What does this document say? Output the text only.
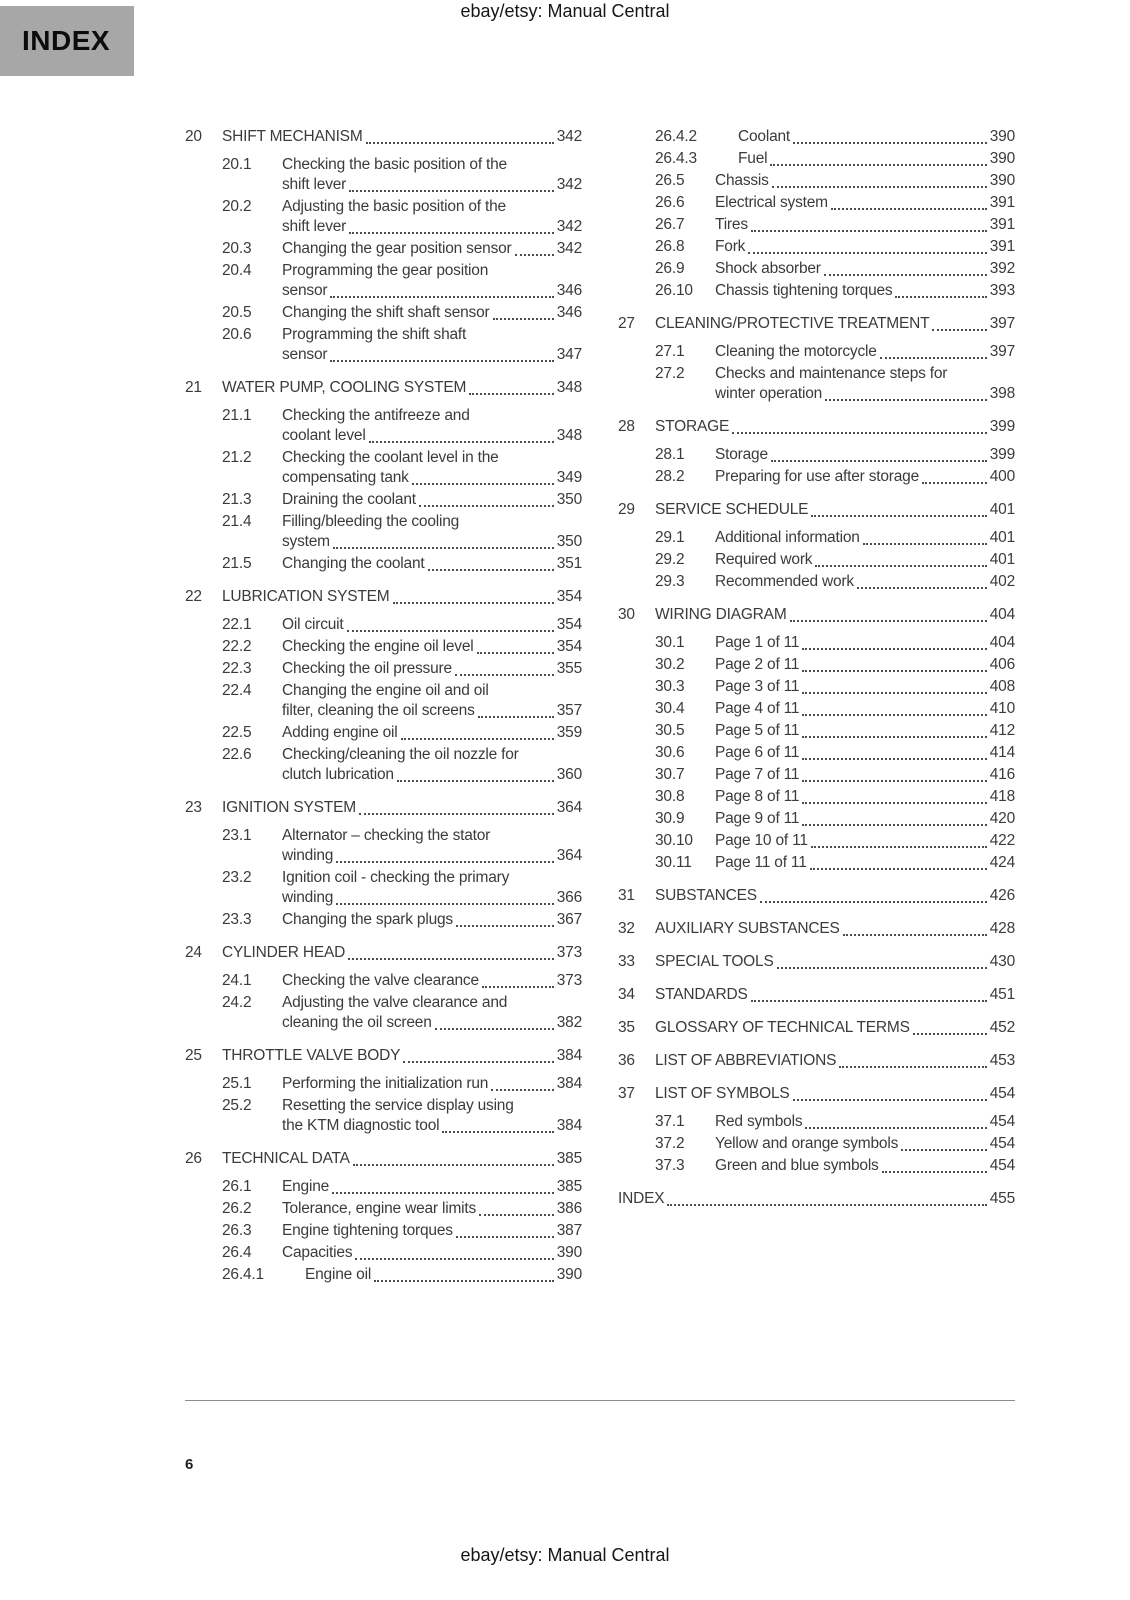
ebay/etsy: Manual Central
INDEX
20	SHIFT MECHANISM	342
20.1	Checking the basic position of the
shift lever	342
20.2	Adjusting the basic position of the
shift lever	342
20.3	Changing the gear position sensor	342
20.4	Programming the gear position
sensor	346
20.5	Changing the shift shaft sensor	346
20.6	Programming the shift shaft
sensor	347
21	WATER PUMP, COOLING SYSTEM	348
21.1	Checking the antifreeze and
coolant level	348
21.2	Checking the coolant level in the
compensating tank	349
21.3	Draining the coolant	350
21.4	Filling/bleeding the cooling
system	350
21.5	Changing the coolant	351
22	LUBRICATION SYSTEM	354
22.1	Oil circuit	354
22.2	Checking the engine oil level	354
22.3	Checking the oil pressure	355
22.4	Changing the engine oil and oil
filter, cleaning the oil screens	357
22.5	Adding engine oil	359
22.6	Checking/cleaning the oil nozzle for
clutch lubrication	360
23	IGNITION SYSTEM	364
23.1	Alternator – checking the stator
winding	364
23.2	Ignition coil - checking the primary
winding	366
23.3	Changing the spark plugs	367
24	CYLINDER HEAD	373
24.1	Checking the valve clearance	373
24.2	Adjusting the valve clearance and
cleaning the oil screen	382
25	THROTTLE VALVE BODY	384
25.1	Performing the initialization run	384
25.2	Resetting the service display using
the KTM diagnostic tool	384
26	TECHNICAL DATA	385
26.1	Engine	385
26.2	Tolerance, engine wear limits	386
26.3	Engine tightening torques	387
26.4	Capacities	390
26.4.1	Engine oil	390
26.4.2	Coolant	390
26.4.3	Fuel	390
26.5	Chassis	390
26.6	Electrical system	391
26.7	Tires	391
26.8	Fork	391
26.9	Shock absorber	392
26.10	Chassis tightening torques	393
27	CLEANING/PROTECTIVE TREATMENT	397
27.1	Cleaning the motorcycle	397
27.2	Checks and maintenance steps for
winter operation	398
28	STORAGE	399
28.1	Storage	399
28.2	Preparing for use after storage	400
29	SERVICE SCHEDULE	401
29.1	Additional information	401
29.2	Required work	401
29.3	Recommended work	402
30	WIRING DIAGRAM	404
30.1	Page 1 of 11	404
30.2	Page 2 of 11	406
30.3	Page 3 of 11	408
30.4	Page 4 of 11	410
30.5	Page 5 of 11	412
30.6	Page 6 of 11	414
30.7	Page 7 of 11	416
30.8	Page 8 of 11	418
30.9	Page 9 of 11	420
30.10	Page 10 of 11	422
30.11	Page 11 of 11	424
31	SUBSTANCES	426
32	AUXILIARY SUBSTANCES	428
33	SPECIAL TOOLS	430
34	STANDARDS	451
35	GLOSSARY OF TECHNICAL TERMS	452
36	LIST OF ABBREVIATIONS	453
37	LIST OF SYMBOLS	454
37.1	Red symbols	454
37.2	Yellow and orange symbols	454
37.3	Green and blue symbols	454
INDEX	455
6
ebay/etsy: Manual Central
